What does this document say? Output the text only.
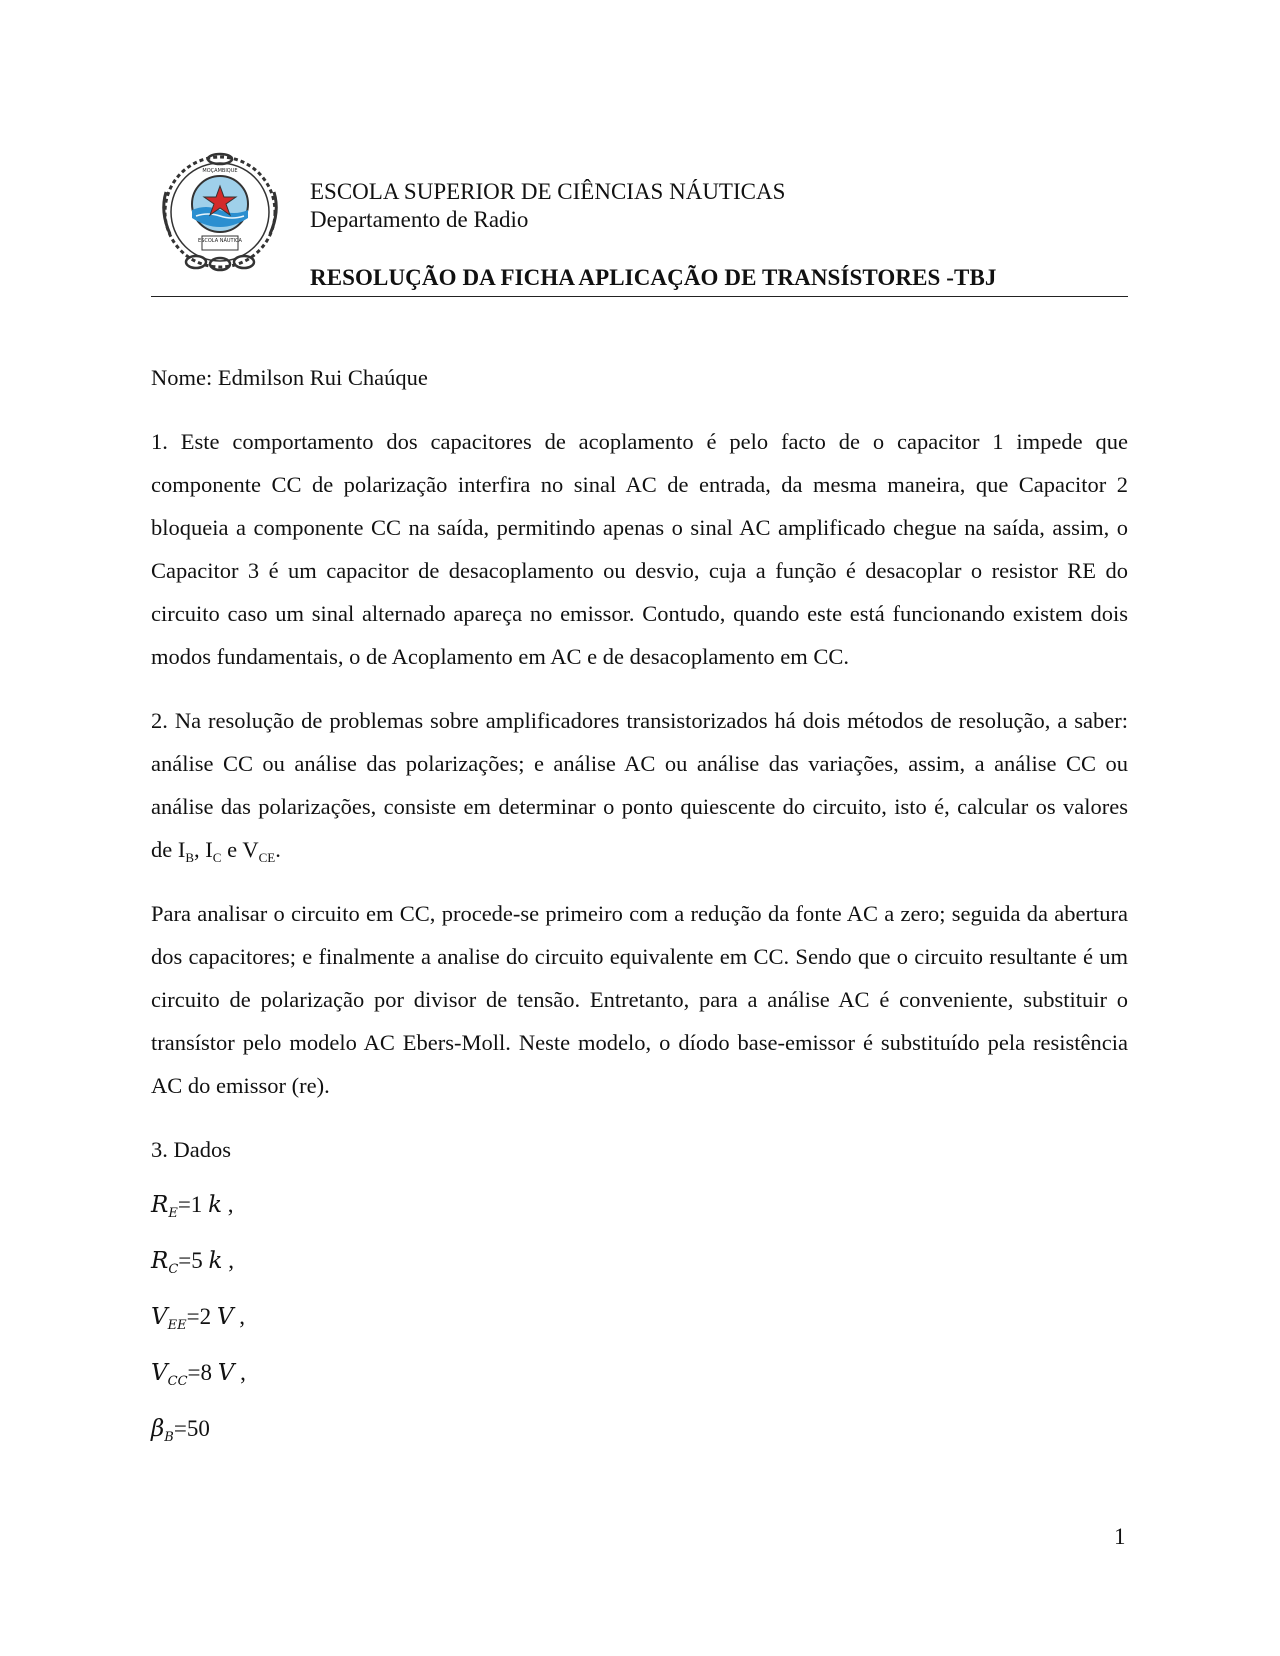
ESCOLA NÁUTICA
MOÇAMBIQUE
ESCOLA SUPERIOR DE CIÊNCIAS NÁUTICAS
Departamento de Radio
RESOLUÇÃO DA FICHA APLICAÇÃO DE TRANSÍSTORES -TBJ

Nome: Edmilson Rui Chaúque

1. Este comportamento dos capacitores de acoplamento é pelo facto de o capacitor 1 impede que componente CC de polarização interfira no sinal AC de entrada, da mesma maneira, que Capacitor 2 bloqueia a componente CC na saída, permitindo apenas o sinal AC amplificado chegue na saída, assim, o Capacitor 3 é um capacitor de desacoplamento ou desvio, cuja a função é desacoplar o resistor RE do circuito caso um sinal alternado apareça no emissor. Contudo, quando este está funcionando existem dois modos fundamentais, o de Acoplamento em AC e de desacoplamento em CC.

2. Na resolução de problemas sobre amplificadores transistorizados há dois métodos de resolução, a saber: análise CC ou análise das polarizações; e análise AC ou análise das variações, assim, a análise CC ou análise das polarizações, consiste em determinar o ponto quiescente do circuito, isto é, calcular os valores de $I_B$, $I_C$ e $V_{CE}$.

Para analisar o circuito em CC, procede-se primeiro com a redução da fonte AC a zero; seguida da abertura dos capacitores; e finalmente a analise do circuito equivalente em CC. Sendo que o circuito resultante é um circuito de polarização por divisor de tensão. Entretanto, para a análise AC é conveniente, substituir o transístor pelo modelo AC Ebers-Moll. Neste modelo, o díodo base-emissor é substituído pela resistência AC do emissor (re).

3. Dados

$R_E=1$ k ,
$R_C=5$ k ,
$V_{EE}=2$ V ,
$V_{CC}=8$ V ,
$\beta_B=50$
1
